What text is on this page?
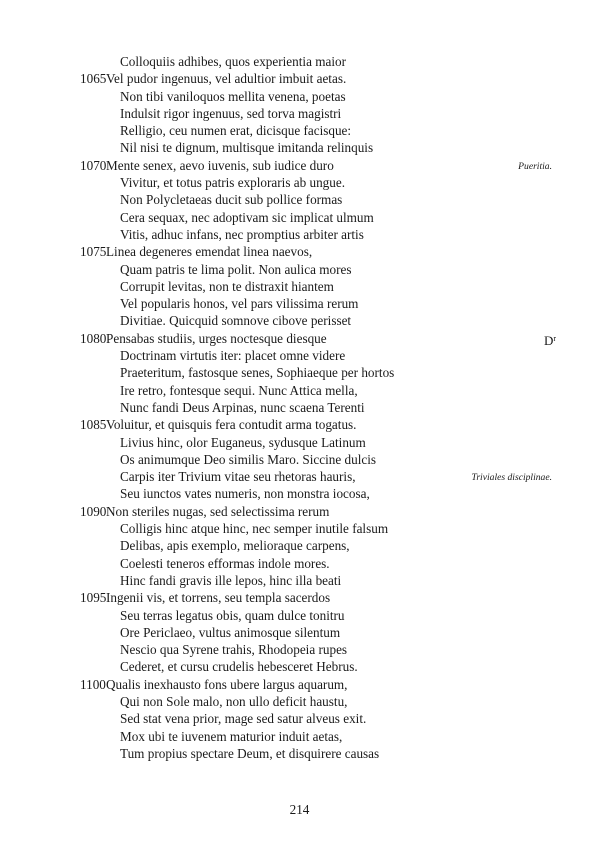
Colloquiis adhibes, quos experientia maior
1065 Vel pudor ingenuus, vel adultior imbuit aetas.
Non tibi vaniloquos mellita venena, poetas
Indulsit rigor ingenuus, sed torva magistri
Relligio, ceu numen erat, dicisque facisque:
Nil nisi te dignum, multisque imitanda relinquis
1070 Mente senex, aevo iuvenis, sub iudice duro	Pueritia.
Vivitur, et totus patris exploraris ab ungue.
Non Polycletaeas ducit sub pollice formas
Cera sequax, nec adoptivam sic implicat ulmum
Vitis, adhuc infans, nec promptius arbiter artis
1075 Linea degeneres emendat linea naevos,
Quam patris te lima polit. Non aulica mores
Corrupit levitas, non te distraxit hiantem
Vel popularis honos, vel pars vilissima rerum
Divitiae. Quicquid somnove cibove perisset
1080 Pensabas studiis, urges noctesque diesque	$D^r$
Doctrinam virtutis iter: placet omne videre
Praeteritum, fastosque senes, Sophiaeque per hortos
Ire retro, fontesque sequi. Nunc Attica mella,
Nunc fandi Deus Arpinas, nunc scaena Terenti
1085 Voluitur, et quisquis fera contudit arma togatus.
Livius hinc, olor Euganeus, sydusque Latinum
Os animumque Deo similis Maro. Siccine dulcis
Carpis iter Trivium vitae seu rhetoras hauris,	Triviales disciplinae.
Seu iunctos vates numeris, non monstra iocosa,
1090 Non steriles nugas, sed selectissima rerum
Colligis hinc atque hinc, nec semper inutile falsum
Delibas, apis exemplo, melioraque carpens,
Coelesti teneros efformas indole mores.
Hinc fandi gravis ille lepos, hinc illa beati
1095 Ingenii vis, et torrens, seu templa sacerdos
Seu terras legatus obis, quam dulce tonitru
Ore Periclaeo, vultus animosque silentum
Nescio qua Syrene trahis, Rhodopeia rupes
Cederet, et cursu crudelis hebesceret Hebrus.
1100 Qualis inexhausto fons ubere largus aquarum,
Qui non Sole malo, non ullo deficit haustu,
Sed stat vena prior, mage sed satur alveus exit.
Mox ubi te iuvenem maturior induit aetas,
Tum propius spectare Deum, et disquirere causas
214
